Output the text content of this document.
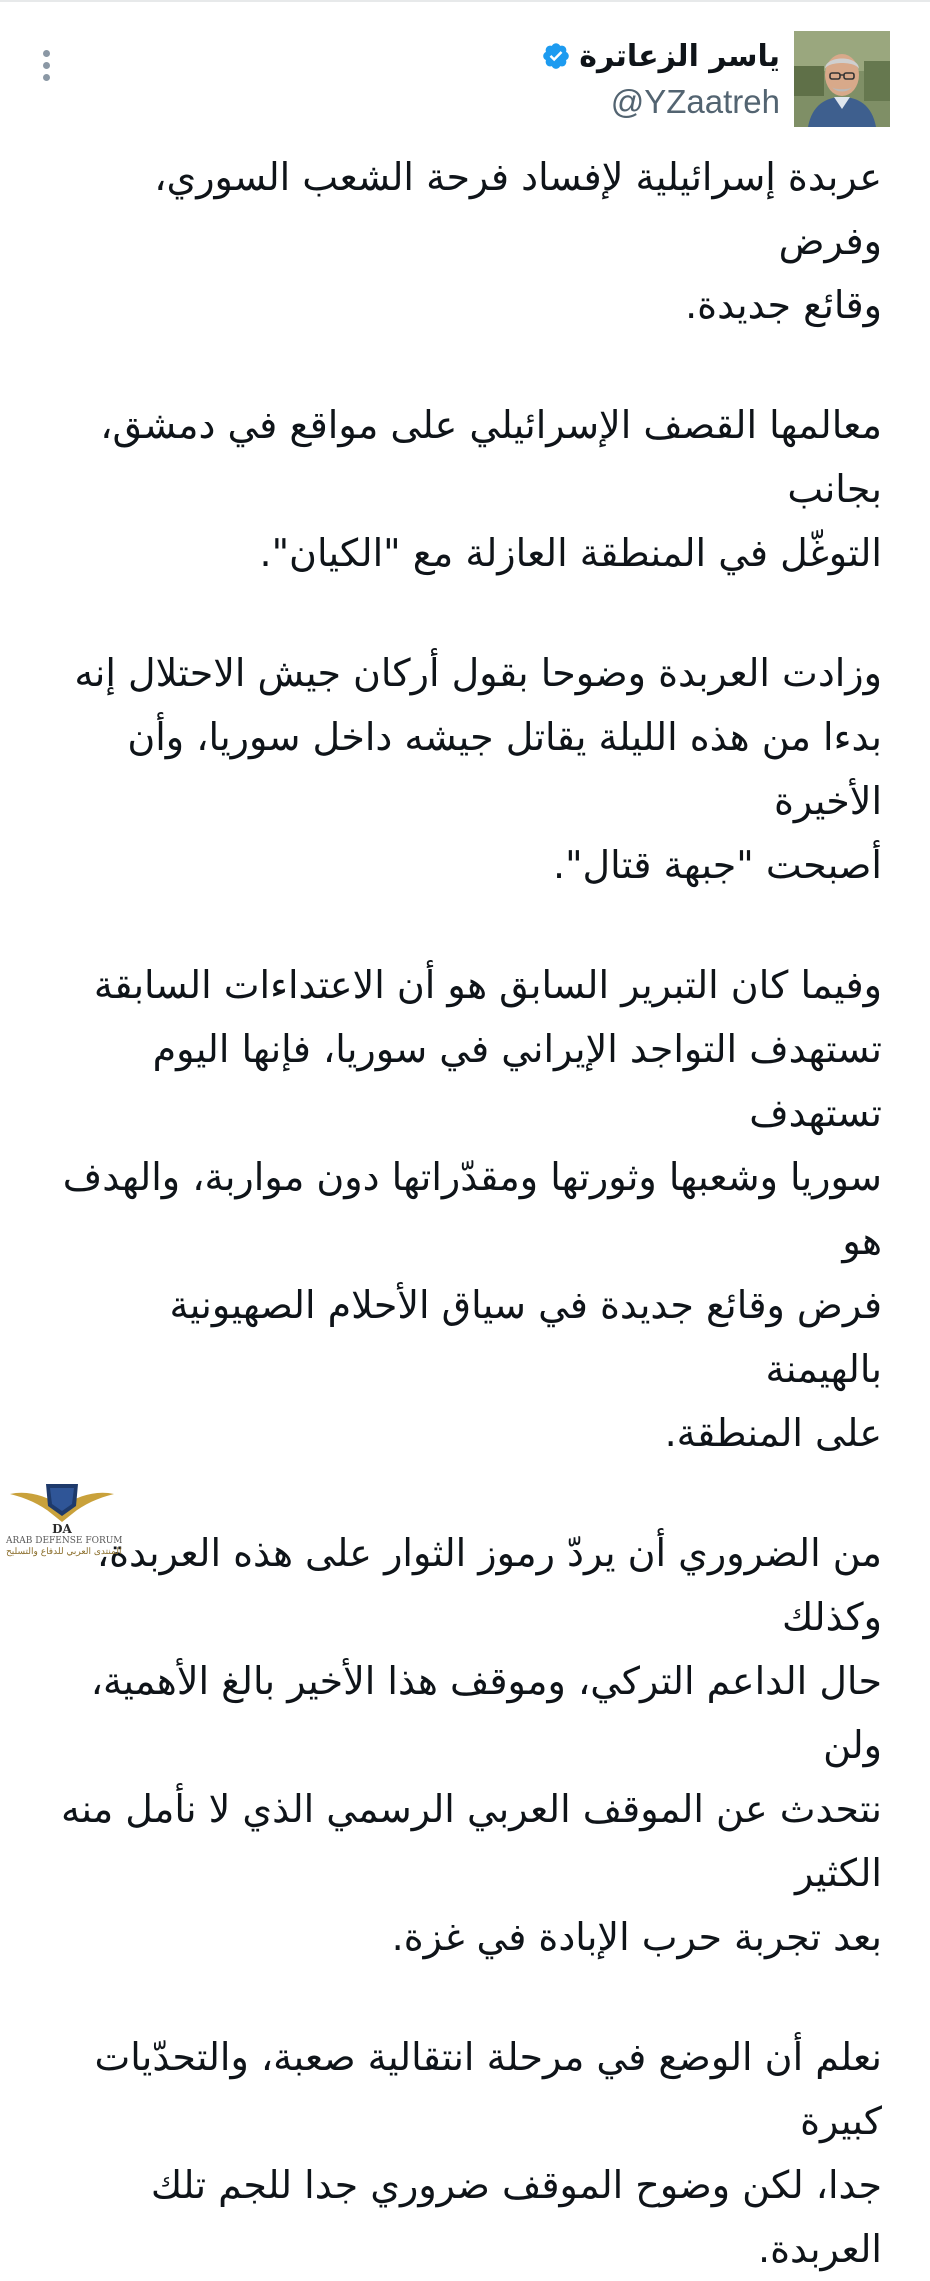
ياسر الزعاترة
@YZaatreh

عربدة إسرائيلية لإفساد فرحة الشعب السوري، وفرض
وقائع جديدة.

معالمها القصف الإسرائيلي على مواقع في دمشق، بجانب
التوغّل في المنطقة العازلة مع "الكيان".

وزادت العربدة وضوحا بقول أركان جيش الاحتلال إنه
بدءا من هذه الليلة يقاتل جيشه داخل سوريا، وأن الأخيرة
أصبحت "جبهة قتال".

وفيما كان التبرير السابق هو أن الاعتداءات السابقة
تستهدف التواجد الإيراني في سوريا، فإنها اليوم تستهدف
سوريا وشعبها وثورتها ومقدّراتها دون مواربة، والهدف هو
فرض وقائع جديدة في سياق الأحلام الصهيونية بالهيمنة
على المنطقة.

من الضروري أن يردّ رموز الثوار على هذه العربدة، وكذلك
حال الداعم التركي، وموقف هذا الأخير بالغ الأهمية، ولن
نتحدث عن الموقف العربي الرسمي الذي لا نأمل منه الكثير
بعد تجربة حرب الإبادة في غزة.

نعلم أن الوضع في مرحلة انتقالية صعبة، والتحدّيات كبيرة
جدا، لكن وضوح الموقف ضروري جدا للجم تلك العربدة.

DA
ARAB DEFENSE FORUM
المنتدى العربي للدفاع والتسليح
